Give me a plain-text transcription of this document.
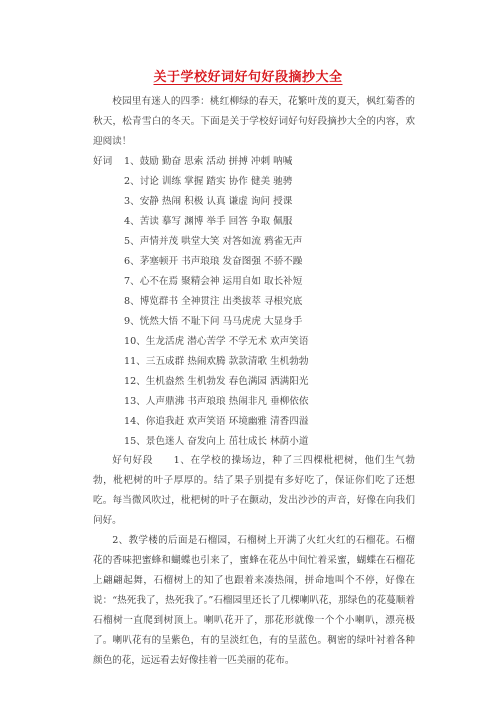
关于学校好词好句好段摘抄大全

校园里有迷人的四季：桃红柳绿的春天，花繁叶茂的夏天，枫红菊香的秋天，松青雪白的冬天。下面是关于学校好词好句好段摘抄大全的内容，欢迎阅读！

好词 1、鼓励 勤奋 思索 活动 拼搏 冲刺 呐喊
2、讨论 训练 掌握 踏实 协作 健美 驰骋
3、安静 热闹 积极 认真 谦虚 询问 授课
4、苦读 摹写 渊博 举手 回答 争取 佩服
5、声情并茂 哄堂大笑 对答如流 鸦雀无声
6、茅塞顿开 书声琅琅 发奋图强 不骄不躁
7、心不在焉 聚精会神 运用自如 取长补短
8、博览群书 全神贯注 出类拔萃 寻根究底
9、恍然大悟 不耻下问 马马虎虎 大显身手
10、生龙活虎 潜心苦学 不学无术 欢声笑语
11、三五成群 热闹欢腾 款款清歌 生机勃勃
12、生机盎然 生机勃发 春色满园 洒满阳光
13、人声鼎沸 书声琅琅 热闹非凡 垂柳依依
14、你追我赶 欢声笑语 环境幽雅 清香四溢
15、景色迷人 奋发向上 茁壮成长 林荫小道

好句好段　　1、在学校的操场边，种了三四棵枇杷树，他们生气勃勃，枇杷树的叶子厚厚的。结了果子别提有多好吃了，保证你们吃了还想吃。每当微风吹过，枇杷树的叶子在颤动，发出沙沙的声音，好像在向我们问好。

2、教学楼的后面是石榴园，石榴树上开满了火红火红的石榴花。石榴花的香味把蜜蜂和蝴蝶也引来了，蜜蜂在花丛中间忙着采蜜，蝴蝶在石榴花上翩翩起舞，石榴树上的知了也跟着来凑热闹，拼命地叫个不停，好像在说：“热死我了，热死我了。”石榴园里还长了几棵喇叭花，那绿色的花蔓顺着石榴树一直爬到树顶上。喇叭花开了，那花形就像一个个小喇叭，漂亮极了。喇叭花有的呈紫色，有的呈淡红色，有的呈蓝色。稠密的绿叶衬着各种颜色的花，远远看去好像挂着一匹美丽的花布。
